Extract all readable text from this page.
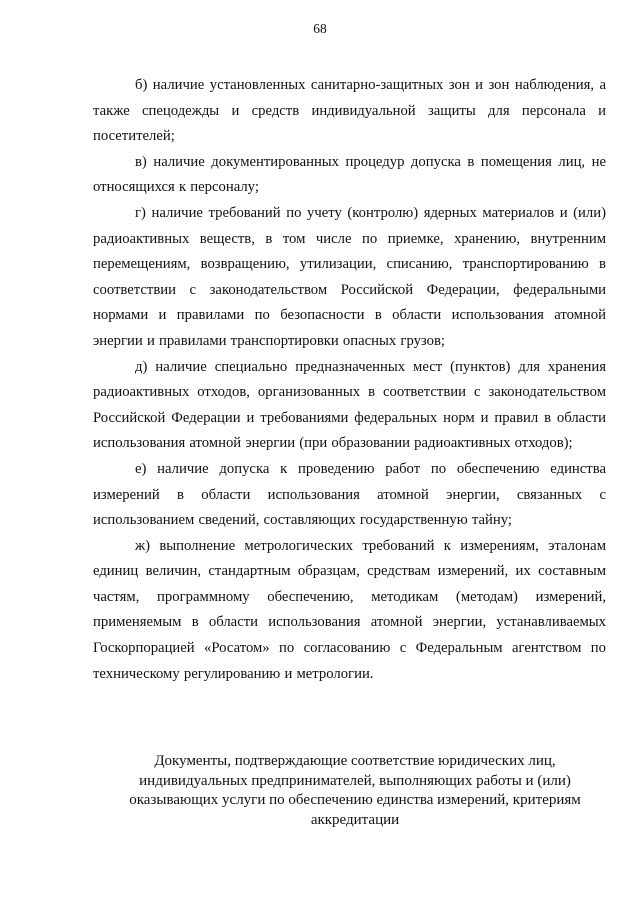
68

б) наличие установленных санитарно-защитных зон и зон наблюдения, а также спецодежды и средств индивидуальной защиты для персонала и посетителей;

в) наличие документированных процедур допуска в помещения лиц, не относящихся к персоналу;

г) наличие требований по учету (контролю) ядерных материалов и (или) радиоактивных веществ, в том числе по приемке, хранению, внутренним перемещениям, возвращению, утилизации, списанию, транспортированию в соответствии с законодательством Российской Федерации, федеральными нормами и правилами по безопасности в области использования атомной энергии и правилами транспортировки опасных грузов;

д) наличие специально предназначенных мест (пунктов) для хранения радиоактивных отходов, организованных в соответствии с законодательством Российской Федерации и требованиями федеральных норм и правил в области использования атомной энергии (при образовании радиоактивных отходов);

е) наличие допуска к проведению работ по обеспечению единства измерений в области использования атомной энергии, связанных с использованием сведений, составляющих государственную тайну;

ж) выполнение метрологических требований к измерениям, эталонам единиц величин, стандартным образцам, средствам измерений, их составным частям, программному обеспечению, методикам (методам) измерений, применяемым в области использования атомной энергии, устанавливаемых Госкорпорацией «Росатом» по согласованию с Федеральным агентством по техническому регулированию и метрологии.

Документы, подтверждающие соответствие юридических лиц,
индивидуальных предпринимателей, выполняющих работы и (или)
оказывающих услуги по обеспечению единства измерений, критериям
аккредитации
